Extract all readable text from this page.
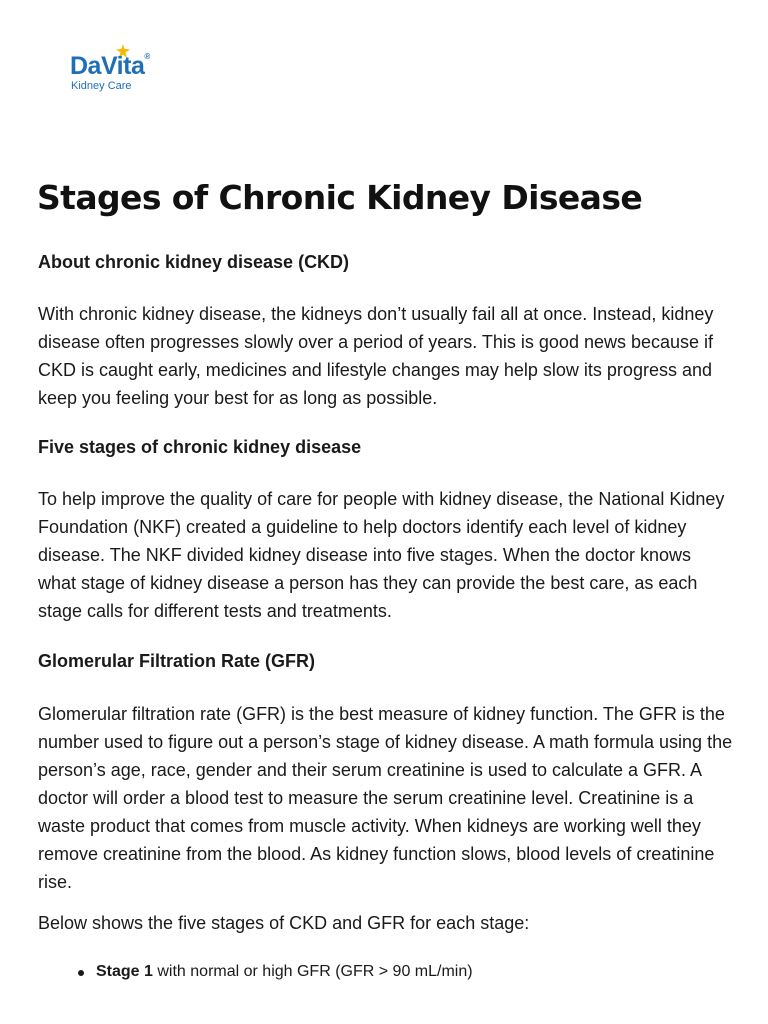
DaVita®
Kidney Care
Stages of Chronic Kidney Disease
About chronic kidney disease (CKD)

With chronic kidney disease, the kidneys don’t usually fail all at once. Instead, kidney disease often progresses slowly over a period of years. This is good news because if CKD is caught early, medicines and lifestyle changes may help slow its progress and keep you feeling your best for as long as possible.

Five stages of chronic kidney disease

To help improve the quality of care for people with kidney disease, the National Kidney Foundation (NKF) created a guideline to help doctors identify each level of kidney disease. The NKF divided kidney disease into five stages. When the doctor knows what stage of kidney disease a person has they can provide the best care, as each stage calls for different tests and treatments.

Glomerular Filtration Rate (GFR)

Glomerular filtration rate (GFR) is the best measure of kidney function. The GFR is the number used to figure out a person’s stage of kidney disease. A math formula using the person’s age, race, gender and their serum creatinine is used to calculate a GFR. A doctor will order a blood test to measure the serum creatinine level. Creatinine is a waste product that comes from muscle activity. When kidneys are working well they remove creatinine from the blood. As kidney function slows, blood levels of creatinine rise.

Below shows the five stages of CKD and GFR for each stage:

Stage 1 with normal or high GFR (GFR > 90 mL/min)
